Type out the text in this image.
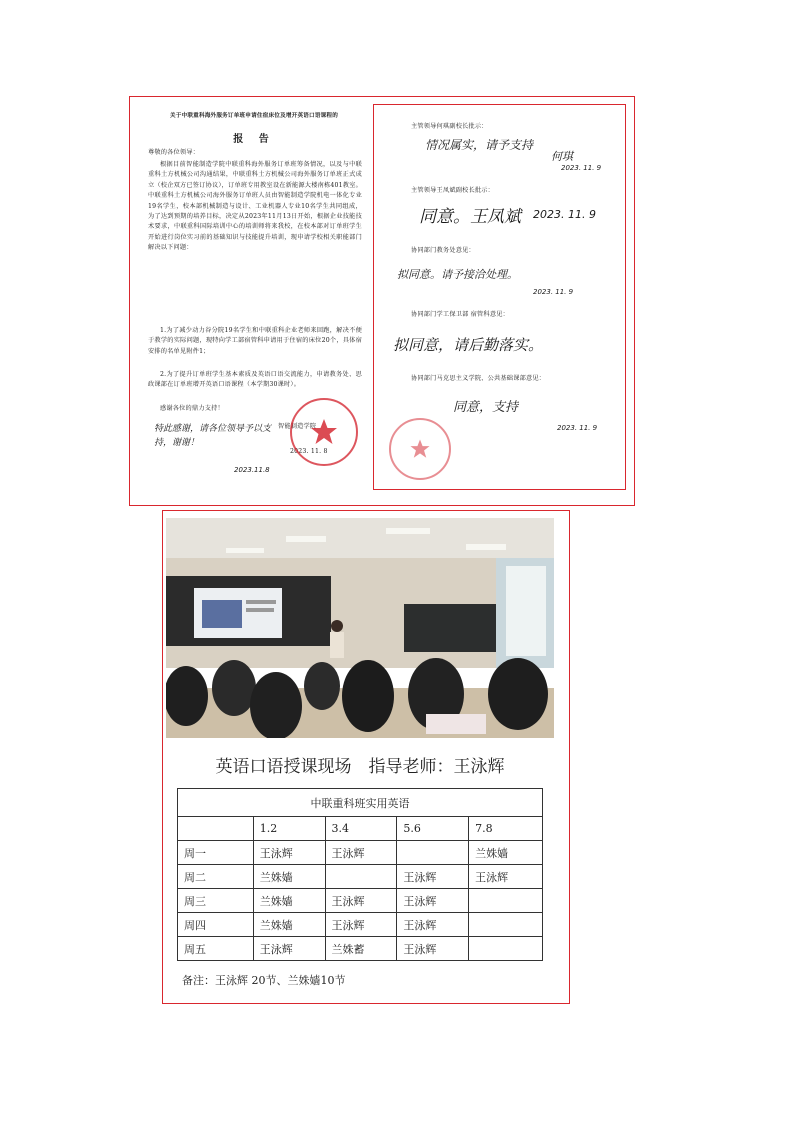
关于中联重科海外服务订单班申请住宿床位及增开英语口语课程的
报 告
尊敬的各位领导：
根据目前智能制造学院中联重科海外服务订单班筹备情况，以及与中联重科土方机械公司沟通结果，中联重科土方机械公司海外服务订单班正式成立（校企双方已签订协议），订单班专用教室设在新能源大楼南栋401教室。中联重科土方机械公司海外服务订单班人员由智能制造学院机电一体化专业19名学生，校本部机械制造与设计、工业机器人专业10名学生共同组成，为了达到预期的培养目标，决定从2023年11月13日开始，根据企业技能技术要求，中联重科国际培训中心的培训师将来我校，在校本部对订单班学生开始进行岗位实习前的基础知识与技能提升培训，现申请学校相关职能部门解决以下问题：
1.为了减少动力谷分院19名学生和中联重科企业老师来回跑，解决不便于教学的实际问题，现特向学工部宿管科申请用于住宿的床位20个，具体宿安排的名单见附件1；
2.为了提升订单班学生基本素质及英语口语交流能力，申请教务处、思政课部在订单班增开英语口语课程（本学期30课时）。
感谢各位的鼎力支持！
特此感谢，请各位领导予以支持，谢谢！
智能制造学院
2023. 11. 8
2023.11.8
主管领导何琪副校长批示：
情况属实，请予支持
何琪
2023. 11. 9
主管领导王凤斌副校长批示：
同意。王凤斌 2023. 11. 9
协同部门教务处意见：
拟同意。请予接洽处理。
2023. 11. 9
协同部门学工保卫部 宿管科意见：
拟同意，请后勤落实。
协同部门马克思主义学院、公共基础课部意见：
同意，支持
2023. 11. 9
英语口语授课现场　指导老师：王泳辉
中联重科班实用英语				
	1.2	3.4	5.6	7.8
周一	王泳辉	王泳辉		兰姝嫱
周二	兰姝嫱		王泳辉	王泳辉
周三	兰姝嫱	王泳辉	王泳辉	
周四	兰姝嫱	王泳辉	王泳辉	
周五	王泳辉	兰姝蓄	王泳辉	
备注：王泳辉 20节、兰姝嫱10节
